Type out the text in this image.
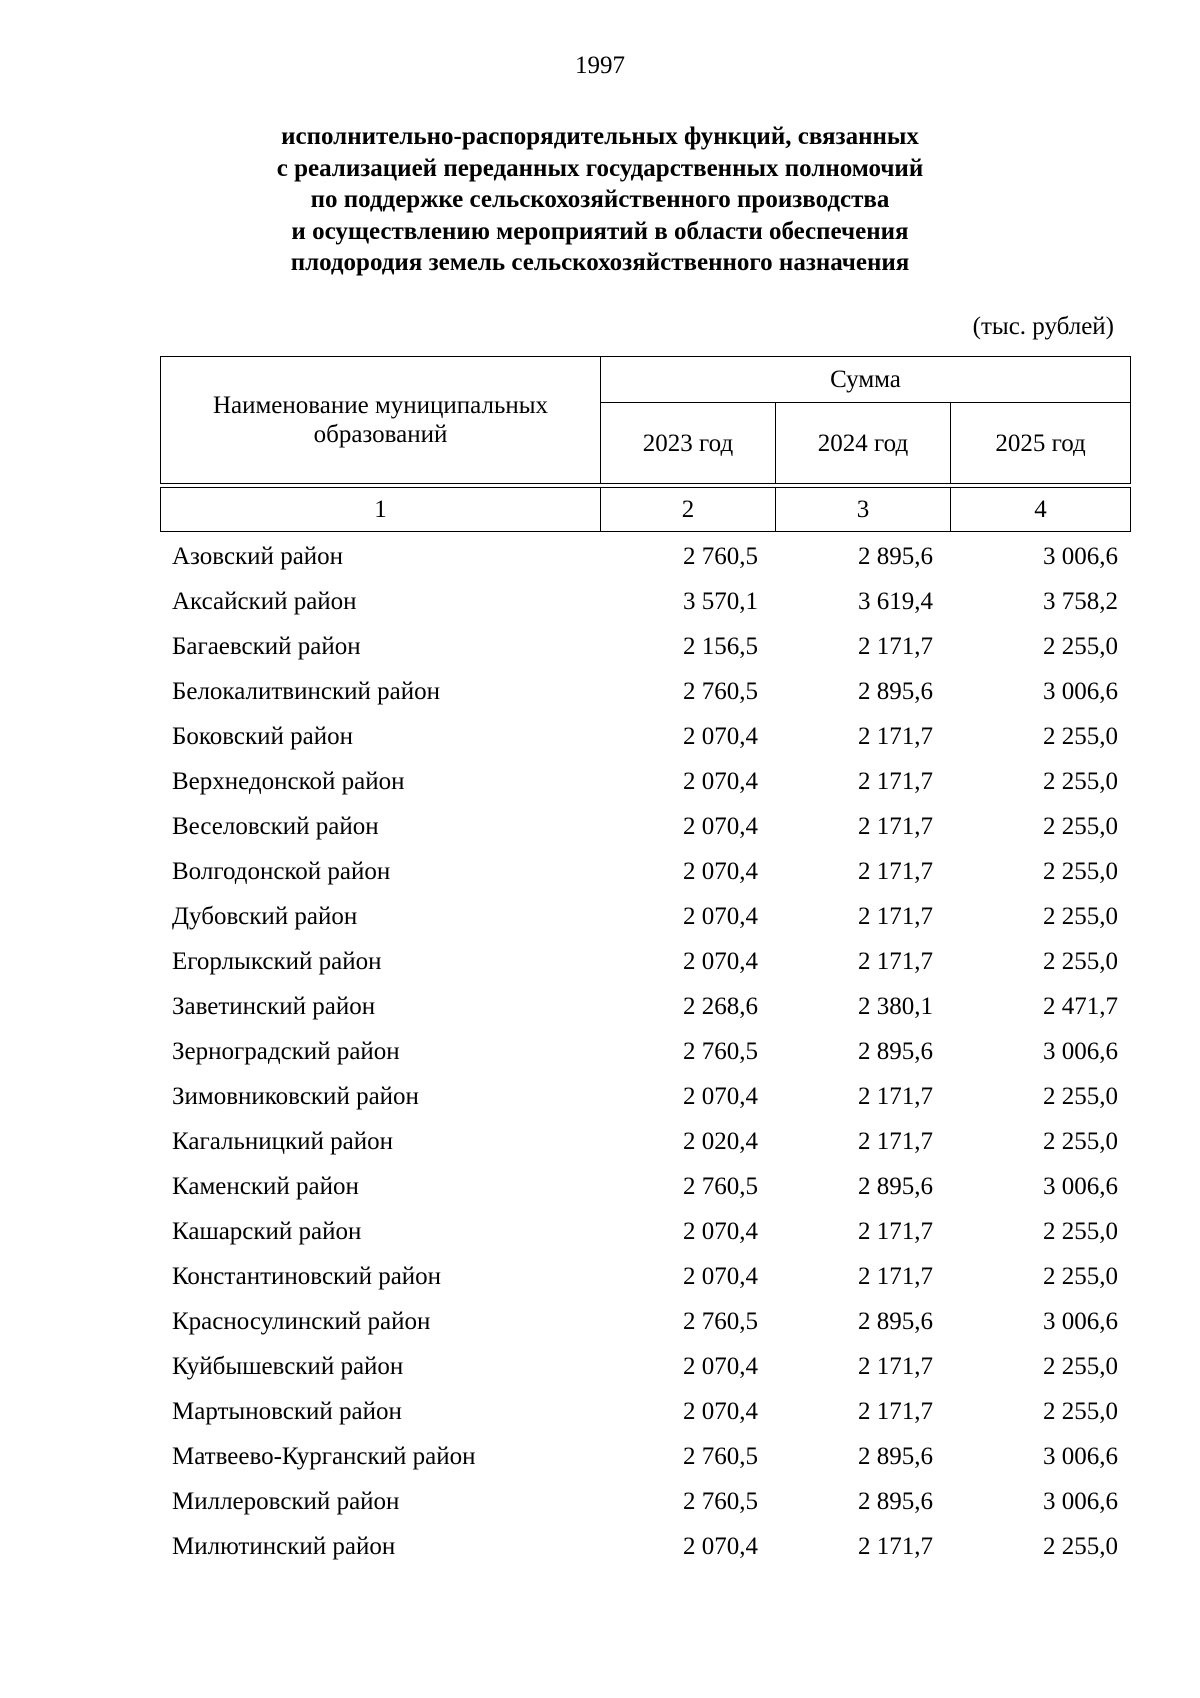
1997
исполнительно-распорядительных функций, связанных
с реализацией переданных государственных полномочий
по поддержке сельскохозяйственного производства
и осуществлению мероприятий в области обеспечения
плодородия земель сельскохозяйственного назначения
(тыс. рублей)
Наименование муниципальных образований	Сумма		
	2023 год	2024 год	2025 год

1	2	3	4
Азовский район	2 760,5	2 895,6	3 006,6
Аксайский район	3 570,1	3 619,4	3 758,2
Багаевский район	2 156,5	2 171,7	2 255,0
Белокалитвинский район	2 760,5	2 895,6	3 006,6
Боковский район	2 070,4	2 171,7	2 255,0
Верхнедонской район	2 070,4	2 171,7	2 255,0
Веселовский район	2 070,4	2 171,7	2 255,0
Волгодонской район	2 070,4	2 171,7	2 255,0
Дубовский район	2 070,4	2 171,7	2 255,0
Егорлыкский район	2 070,4	2 171,7	2 255,0
Заветинский район	2 268,6	2 380,1	2 471,7
Зерноградский район	2 760,5	2 895,6	3 006,6
Зимовниковский район	2 070,4	2 171,7	2 255,0
Кагальницкий район	2 020,4	2 171,7	2 255,0
Каменский район	2 760,5	2 895,6	3 006,6
Кашарский район	2 070,4	2 171,7	2 255,0
Константиновский район	2 070,4	2 171,7	2 255,0
Красносулинский район	2 760,5	2 895,6	3 006,6
Куйбышевский район	2 070,4	2 171,7	2 255,0
Мартыновский район	2 070,4	2 171,7	2 255,0
Матвеево-Курганский район	2 760,5	2 895,6	3 006,6
Миллеровский район	2 760,5	2 895,6	3 006,6
Милютинский район	2 070,4	2 171,7	2 255,0
